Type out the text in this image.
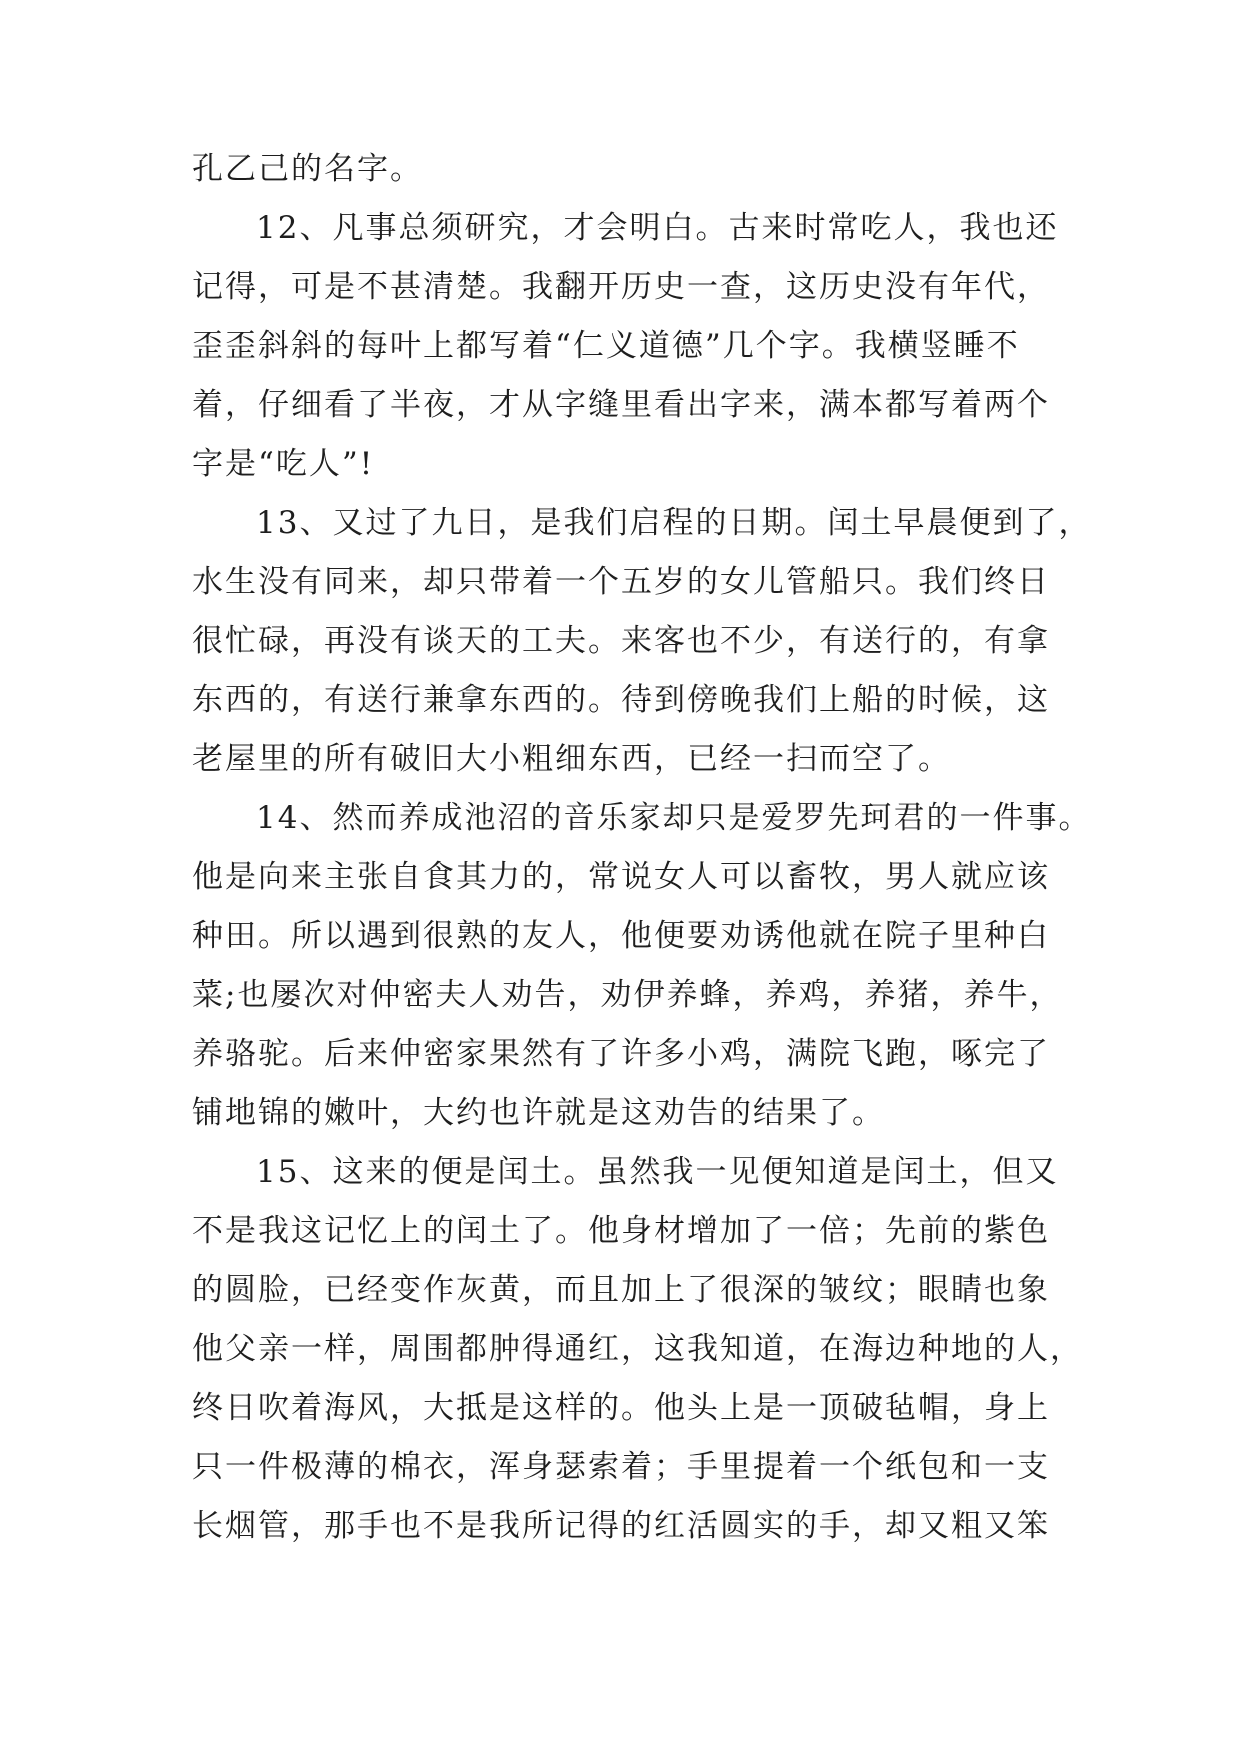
孔乙己的名字。
12、凡事总须研究，才会明白。古来时常吃人，我也还
记得，可是不甚清楚。我翻开历史一查，这历史没有年代，
歪歪斜斜的每叶上都写着“仁义道德”几个字。我横竖睡不
着，仔细看了半夜，才从字缝里看出字来，满本都写着两个
字是“吃人”!
13、又过了九日，是我们启程的日期。闰土早晨便到了，
水生没有同来，却只带着一个五岁的女儿管船只。我们终日
很忙碌，再没有谈天的工夫。来客也不少，有送行的，有拿
东西的，有送行兼拿东西的。待到傍晚我们上船的时候，这
老屋里的所有破旧大小粗细东西，已经一扫而空了。
14、然而养成池沼的音乐家却只是爱罗先珂君的一件事。
他是向来主张自食其力的，常说女人可以畜牧，男人就应该
种田。所以遇到很熟的友人，他便要劝诱他就在院子里种白
菜;也屡次对仲密夫人劝告，劝伊养蜂，养鸡，养猪，养牛，
养骆驼。后来仲密家果然有了许多小鸡，满院飞跑，啄完了
铺地锦的嫩叶，大约也许就是这劝告的结果了。
15、这来的便是闰土。虽然我一见便知道是闰土，但又
不是我这记忆上的闰土了。他身材增加了一倍；先前的紫色
的圆脸，已经变作灰黄，而且加上了很深的皱纹；眼睛也象
他父亲一样，周围都肿得通红，这我知道，在海边种地的人，
终日吹着海风，大抵是这样的。他头上是一顶破毡帽，身上
只一件极薄的棉衣，浑身瑟索着；手里提着一个纸包和一支
长烟管，那手也不是我所记得的红活圆实的手，却又粗又笨
